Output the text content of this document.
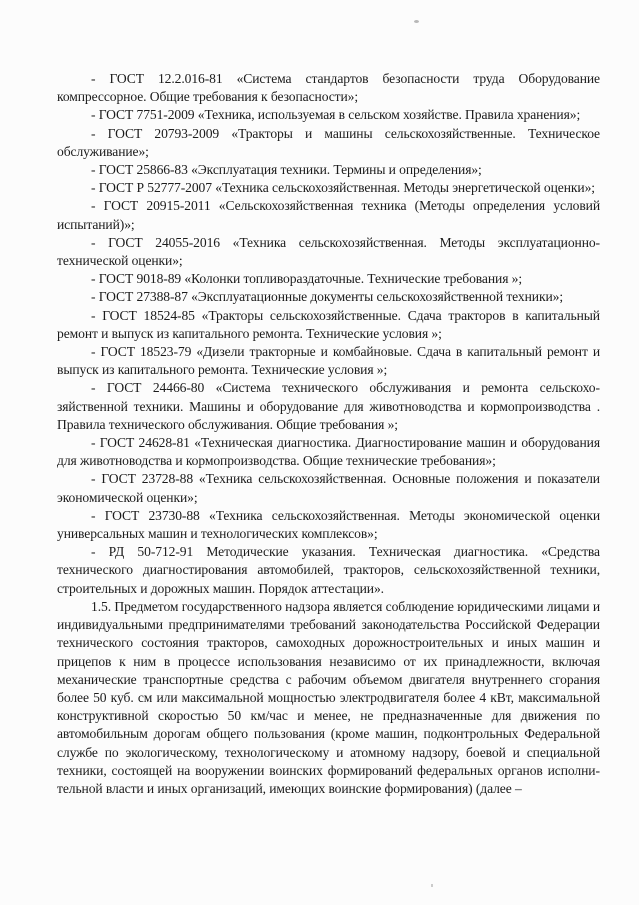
- ГОСТ 12.2.016-81 «Система стандартов безопасности труда Оборудование компрессорное. Общие требования к безопасности»;

- ГОСТ 7751-2009 «Техника, используемая в сельском хозяйстве. Правила хранения»;

- ГОСТ 20793-2009 «Тракторы и машины сельскохозяйственные. Техническое обслуживание»;

- ГОСТ 25866-83 «Эксплуатация техники. Термины и определения»;

- ГОСТ Р 52777-2007 «Техника сельскохозяйственная. Методы энергетической оценки»;

- ГОСТ 20915-2011 «Сельскохозяйственная техника (Методы определения условий испытаний)»;

- ГОСТ 24055-2016 «Техника сельскохозяйственная. Методы эксплуатационно-технической оценки»;

- ГОСТ 9018-89 «Колонки топливораздаточные. Технические требования »;

- ГОСТ 27388-87 «Эксплуатационные документы сельскохозяйственной техники»;

- ГОСТ 18524-85 «Тракторы сельскохозяйственные. Сдача тракторов в капитальный ремонт и выпуск из капитального ремонта. Технические условия »;

- ГОСТ 18523-79 «Дизели тракторные и комбайновые. Сдача в капитальный ремонт и выпуск из капитального ремонта. Технические условия »;

- ГОСТ 24466-80 «Система технического обслуживания и ремонта сельскохозяйственной техники. Машины и оборудование для животноводства и кормопроизводства . Правила технического обслуживания. Общие требования »;

- ГОСТ 24628-81 «Техническая диагностика. Диагностирование машин и оборудования для животноводства и кормопроизводства. Общие технические требования»;

- ГОСТ 23728-88 «Техника сельскохозяйственная. Основные положения и показатели экономической оценки»;

- ГОСТ 23730-88 «Техника сельскохозяйственная. Методы экономической оценки универсальных машин и технологических комплексов»;

- РД 50-712-91 Методические указания. Техническая диагностика. «Средства технического диагностирования автомобилей, тракторов, сельскохозяйственной техники, строительных и дорожных машин. Порядок аттестации».

1.5. Предметом государственного надзора является соблюдение юридическими лицами и индивидуальными предпринимателями требований законодательства Российской Федерации технического состояния тракторов, самоходных дорожностроительных и иных машин и прицепов к ним в процессе использования независимо от их принадлежности, включая механические транспортные средства с рабочим объемом двигателя внутреннего сгорания более 50 куб. см или максимальной мощностью электродвигателя более 4 кВт, максимальной конструктивной скоростью 50 км/час и менее, не предназначенные для движения по автомобильным дорогам общего пользования (кроме машин, подконтрольных Федеральной службе по экологическому, технологическому и атомному надзору, боевой и специальной техники, состоящей на вооружении воинских формирований федеральных органов исполнительной власти и иных организаций, имеющих воинские формирования) (далее –
